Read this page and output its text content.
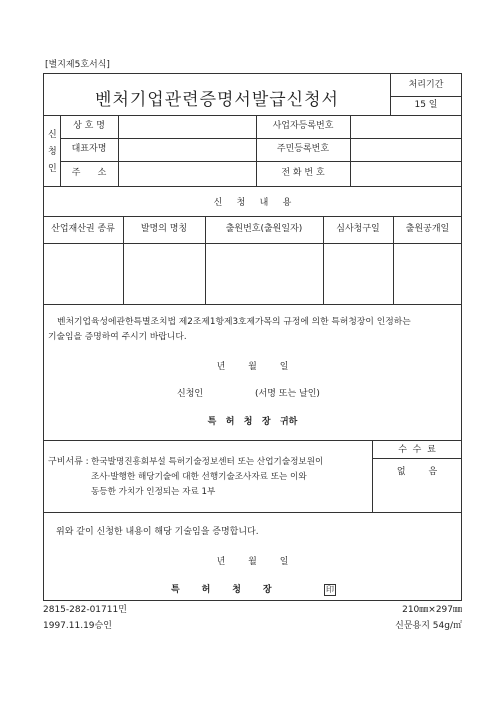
[별지제5호서식]
벤처기업관련증명서발급신청서
처리기간
15 일
신청인
상 호 명	사업자등록번호
대표자명	주민등록번호
주      소	전 화 번 호
신     청     내     용
산업재산권 종류	발명의 명칭	출원번호(출원일자)	심사청구일	출원공개일
벤처기업육성에관한특별조치법 제2조제1항제3호제가목의 규정에 의한 특허청장이 인정하는
기술임을 증명하여 주시기 바랍니다.
년        월        일
신청인	(서명 또는 날인)
특   허   청   장   귀하
구비서류 : 한국발명진흥회부설 특허기술정보센터 또는 산업기술정보원이
조사·발행한 해당기술에 대한 선행기술조사자료 또는 이와
동등한 가치가 인정되는 자료 1부
수  수  료
없        음
위와 같이 신청한 내용이 해당 기술임을 증명합니다.
년        월        일
특       허       청       장	印
2815-282-01711민
1997.11.19승인
210㎜×297㎜
신문용지 54g/㎡
